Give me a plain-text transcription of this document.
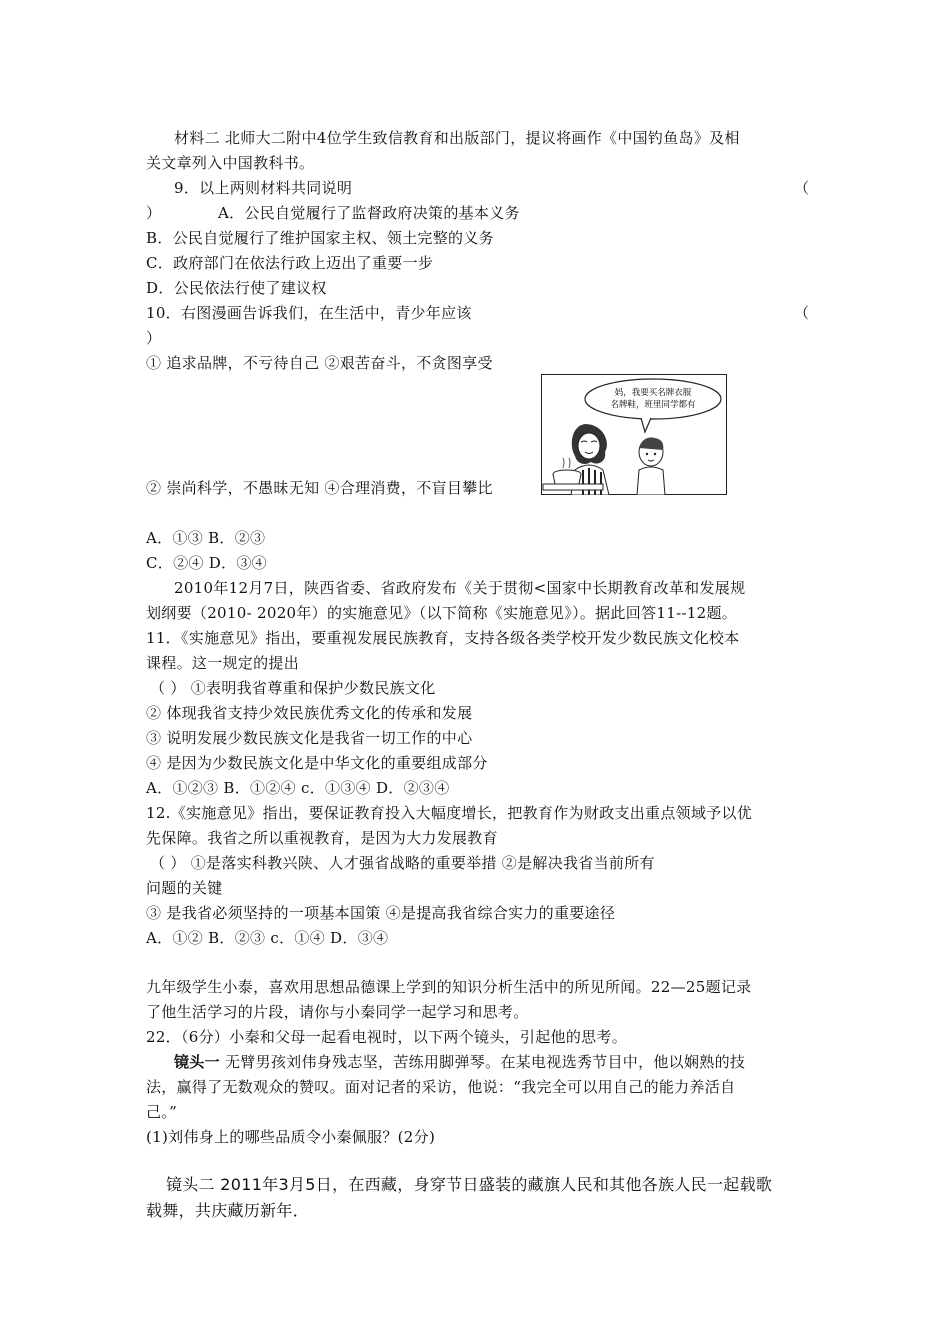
材料二 北师大二附中4位学生致信教育和出版部门，提议将画作《中国钓鱼岛》及相
关文章列入中国教科书。
9．以上两则材料共同说明	（
）	A．公民自觉履行了监督政府决策的基本义务
B．公民自觉履行了维护国家主权、领土完整的义务
C．政府部门在依法行政上迈出了重要一步
D．公民依法行使了建议权
10．右图漫画告诉我们，在生活中，青少年应该	（
）
① 追求品牌，不亏待自己 ②艰苦奋斗，不贪图享受
妈，我要买名牌衣服
名牌鞋，班里同学都有
② 崇尚科学，不愚昧无知 ④合理消费，不盲目攀比
A．①③ B．②③
C．②④ D．③④
2010年12月7日，陕西省委、省政府发布《关于贯彻<国家中长期教育改革和发展规
划纲要（2010- 2020年）的实施意见》（以下简称《实施意见》）。据此回答11--12题。
11．《实施意见》指出，要重视发展民族教育，支持各级各类学校开发少数民族文化校本
课程。这一规定的提出
（ ） ①表明我省尊重和保护少数民族文化
② 体现我省支持少效民族优秀文化的传承和发展
③ 说明发展少数民族文化是我省一切工作的中心
④ 是因为少数民族文化是中华文化的重要组成部分
A．①②③ B．①②④ c．①③④ D．②③④
12.《实施意见》指出，要保证教育投入大幅度增长，把教育作为财政支出重点领域予以优
先保障。我省之所以重视教育，是因为大力发展教育
（ ） ①是落实科教兴陕、人才强省战略的重要举措 ②是解决我省当前所有
问题的关键
③ 是我省必须坚持的一项基本国策 ④是提高我省综合实力的重要途径
A．①② B．②③ c．①④ D．③④
九年级学生小泰，喜欢用思想品德课上学到的知识分析生活中的所见所闻。22—25题记录
了他生活学习的片段，请你与小秦同学一起学习和思考。
22．（6分）小秦和父母一起看电视时，以下两个镜头，引起他的思考。
镜头一 无臂男孩刘伟身残志坚，苦练用脚弹琴。在某电视选秀节目中，他以娴熟的技
法，赢得了无数观众的赞叹。面对记者的采访，他说：“我完全可以用自己的能力养活自
己。”
(1)刘伟身上的哪些品质令小秦佩服？(2分)
镜头二 2011年3月5日，在西藏，身穿节日盛装的藏旗人民和其他各族人民一起载歌
载舞，共庆藏历新年．
